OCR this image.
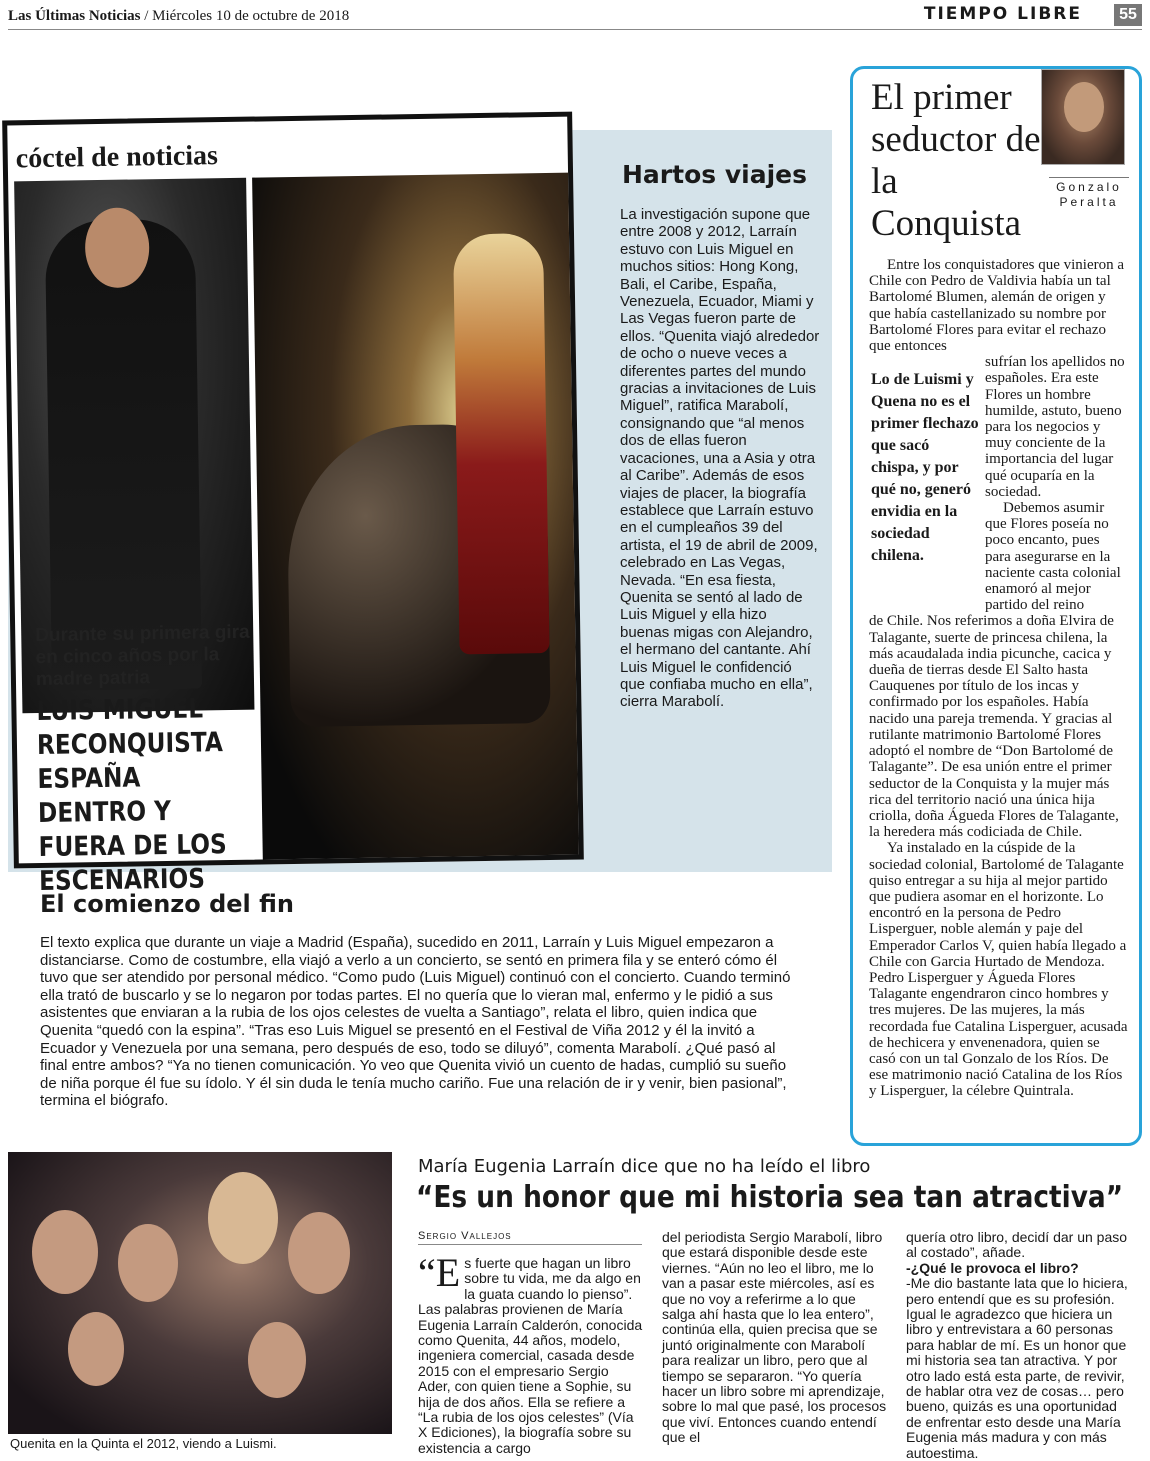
Las Últimas Noticias / Miércoles 10 de octubre de 2018	TIEMPO LIBRE	55
cóctel de noticias
Durante su primera gira en cinco años por la madre patria
LUIS MIGUEL RECONQUISTA ESPAÑA DENTRO Y FUERA DE LOS ESCENARIOS
Hartos viajes
La investigación supone que entre 2008 y 2012, Larraín estuvo con Luis Miguel en muchos sitios: Hong Kong, Bali, el Caribe, España, Venezuela, Ecuador, Miami y Las Vegas fueron parte de ellos. “Quenita viajó alrededor de ocho o nueve veces a diferentes partes del mundo gracias a invitaciones de Luis Miguel”, ratifica Marabolí, consignando que “al menos dos de ellas fueron vacaciones, una a Asia y otra al Caribe”. Además de esos viajes de placer, la biografía establece que Larraín estuvo en el cumpleaños 39 del artista, el 19 de abril de 2009, celebrado en Las Vegas, Nevada. “En esa fiesta, Quenita se sentó al lado de Luis Miguel y ella hizo buenas migas con Alejandro, el hermano del cantante. Ahí Luis Miguel le confidenció que confiaba mucho en ella”, cierra Marabolí.
El comienzo del fin
El texto explica que durante un viaje a Madrid (España), sucedido en 2011, Larraín y Luis Miguel empezaron a distanciarse. Como de costumbre, ella viajó a verlo a un concierto, se sentó en primera fila y se enteró cómo él tuvo que ser atendido por personal médico. “Como pudo (Luis Miguel) continuó con el concierto. Cuando terminó ella trató de buscarlo y se lo negaron por todas partes. El no quería que lo vieran mal, enfermo y le pidió a sus asistentes que enviaran a la rubia de los ojos celestes de vuelta a Santiago”, relata el libro, quien indica que Quenita “quedó con la espina”. “Tras eso Luis Miguel se presentó en el Festival de Viña 2012 y él la invitó a Ecuador y Venezuela por una semana, pero después de eso, todo se diluyó”, comenta Marabolí. ¿Qué pasó al final entre ambos? “Ya no tienen comunicación. Yo veo que Quenita vivió un cuento de hadas, cumplió su sueño de niña porque él fue su ídolo. Y él sin duda le tenía mucho cariño. Fue una relación de ir y venir, bien pasional”, termina el biógrafo.
El primer seductor de la Conquista
Gonzalo Peralta
Lo de Luismi y Quena no es el primer flechazo que sacó chispa, y por qué no, generó envidia en la sociedad chilena.

Entre los conquistadores que vinieron a Chile con Pedro de Valdivia había un tal Bartolomé Blumen, alemán de origen y que había castellanizado su nombre por Bartolomé Flores para evitar el rechazo que entonces

sufrían los apellidos no españoles. Era este Flores un hombre humilde, astuto, bueno para los negocios y muy conciente de la importancia del lugar qué ocuparía en la sociedad.
Debemos asumir que Flores poseía no poco encanto, pues para asegurarse en la naciente casta colonial enamoró al mejor partido del reino
de Chile. Nos referimos a doña Elvira de Talagante, suerte de princesa chilena, la más acaudalada india picunche, cacica y dueña de tierras desde El Salto hasta Cauquenes por título de los incas y confirmado por los españoles. Había nacido una pareja tremenda. Y gracias al rutilante matrimonio Bartolomé Flores adoptó el nombre de “Don Bartolomé de Talagante”. De esa unión entre el primer seductor de la Conquista y la mujer más rica del territorio nació una única hija criolla, doña Águeda Flores de Talagante, la heredera más codiciada de Chile.

Ya instalado en la cúspide de la sociedad colonial, Bartolomé de Talagante quiso entregar a su hija al mejor partido que pudiera asomar en el horizonte. Lo encontró en la persona de Pedro Lisperguer, noble alemán y paje del Emperador Carlos V, quien había llegado a Chile con Garcia Hurtado de Mendoza. Pedro Lisperguer y Águeda Flores Talagante engendraron cinco hombres y tres mujeres. De las mujeres, la más recordada fue Catalina Lisperguer, acusada de hechicera y envenenadora, quien se casó con un tal Gonzalo de los Ríos. De ese matrimonio nació Catalina de los Ríos y Lisperguer, la célebre Quintrala.

Quenita en la Quinta el 2012, viendo a Luismi.
María Eugenia Larraín dice que no ha leído el libro
“Es un honor que mi historia sea tan atractiva”
Sergio Vallejos
“Es fuerte que hagan un libro sobre tu vida, me da algo en la guata cuando lo pienso”. Las palabras provienen de María Eugenia Larraín Calderón, conocida como Quenita, 44 años, modelo, ingeniera comercial, casada desde 2015 con el empresario Sergio Ader, con quien tiene a Sophie, su hija de dos años. Ella se refiere a “La rubia de los ojos celestes” (Vía X Ediciones), la biografía sobre su existencia a cargo
del periodista Sergio Marabolí, libro que estará disponible desde este viernes. “Aún no leo el libro, me lo van a pasar este miércoles, así es que no voy a referirme a lo que salga ahí hasta que lo lea entero”, continúa ella, quien precisa que se juntó originalmente con Marabolí para realizar un libro, pero que al tiempo se separaron. “Yo quería hacer un libro sobre mi aprendizaje, sobre lo mal que pasé, los procesos que viví. Entonces cuando entendí que el
quería otro libro, decidí dar un paso al costado”, añade.
-¿Qué le provoca el libro?
-Me dio bastante lata que lo hiciera, pero entendí que es su profesión. Igual le agradezco que hiciera un libro y entrevistara a 60 personas para hablar de mí. Es un honor que mi historia sea tan atractiva. Y por otro lado está esta parte, de revivir, de hablar otra vez de cosas… pero bueno, quizás es una oportunidad de enfrentar esto desde una María Eugenia más madura y con más autoestima.
